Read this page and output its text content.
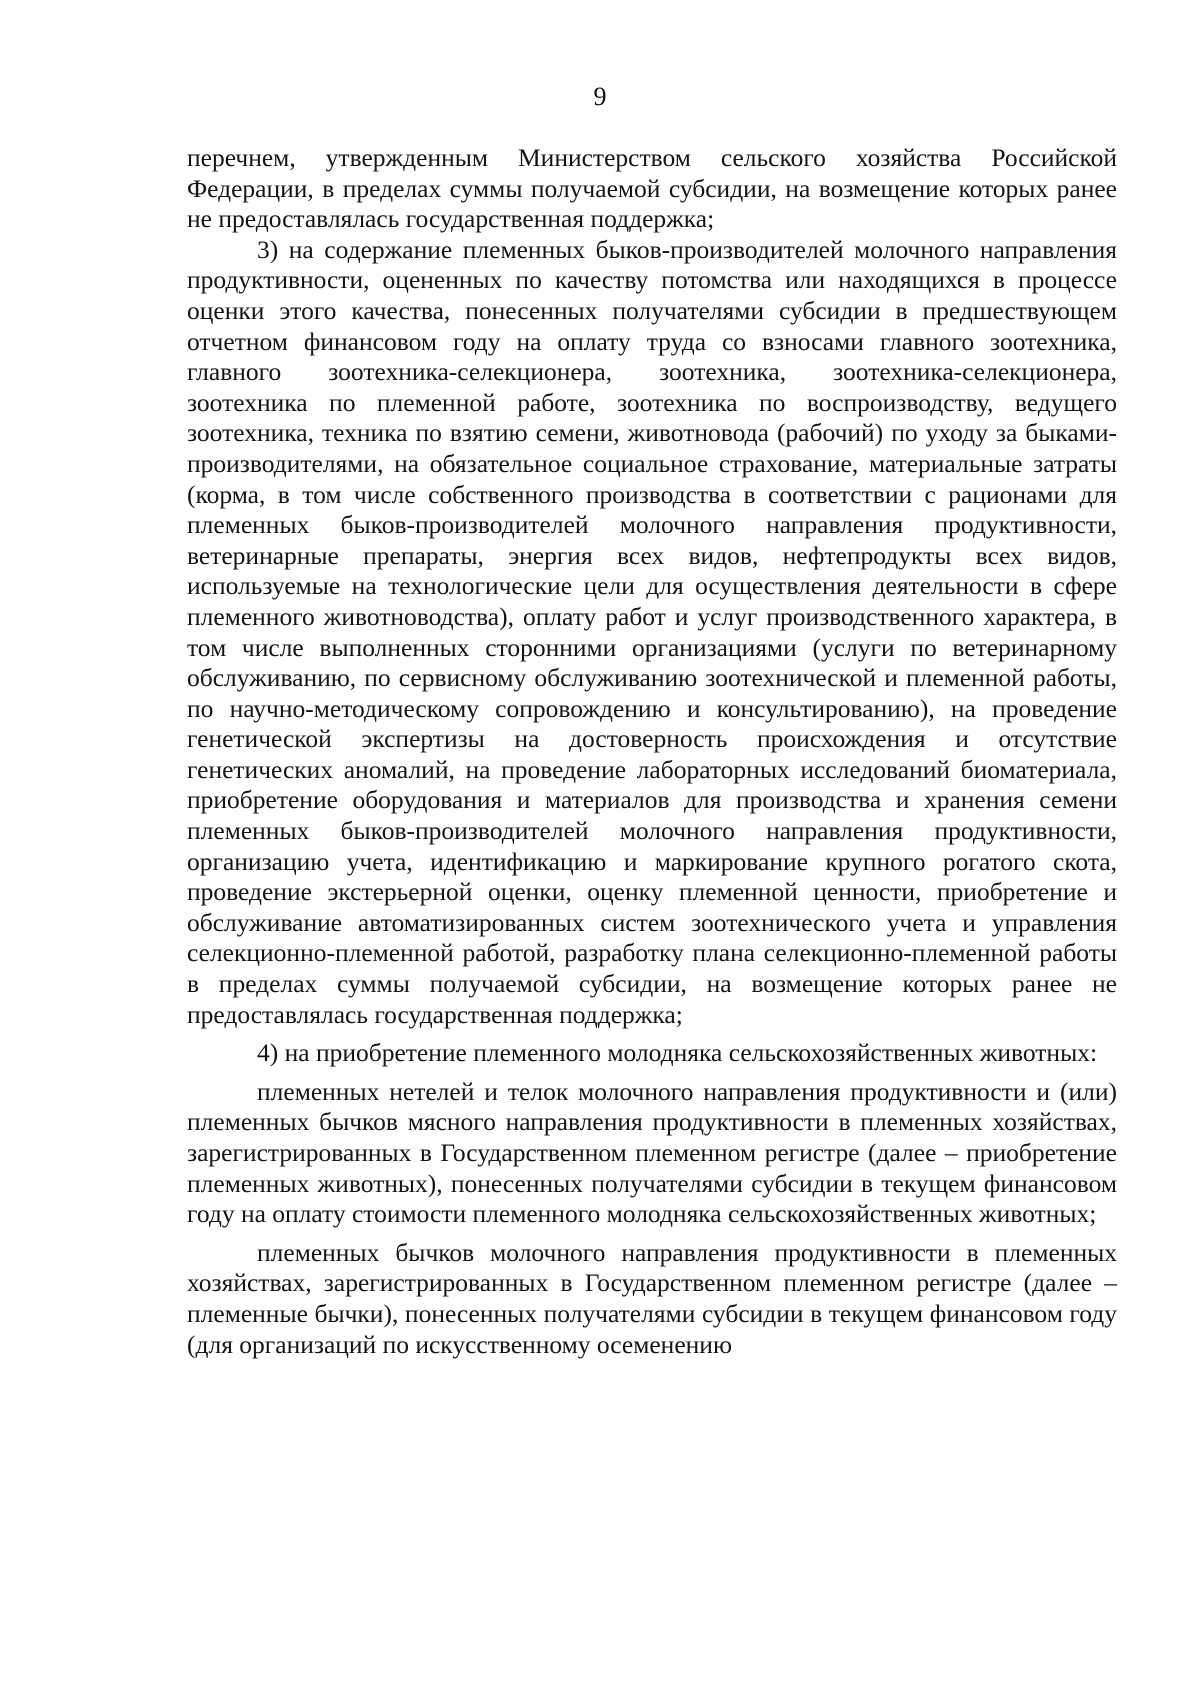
9

перечнем, утвержденным Министерством сельского хозяйства Российской Федерации, в пределах суммы получаемой субсидии, на возмещение которых ранее не предоставлялась государственная поддержка;

3) на содержание племенных быков-производителей молочного направления продуктивности, оцененных по качеству потомства или находящихся в процессе оценки этого качества, понесенных получателями субсидии в предшествующем отчетном финансовом году на оплату труда со взносами главного зоотехника, главного зоотехника-селекционера, зоотехника, зоотехника-селекционера, зоотехника по племенной работе, зоотехника по воспроизводству, ведущего зоотехника, техника по взятию семени, животновода (рабочий) по уходу за быками-производителями, на обязательное социальное страхование, материальные затраты (корма, в том числе собственного производства в соответствии с рационами для племенных быков-производителей молочного направления продуктивности, ветеринарные препараты, энергия всех видов, нефтепродукты всех видов, используемые на технологические цели для осуществления деятельности в сфере племенного животноводства), оплату работ и услуг производственного характера, в том числе выполненных сторонними организациями (услуги по ветеринарному обслуживанию, по сервисному обслуживанию зоотехнической и племенной работы, по научно-методическому сопровождению и консультированию), на проведение генетической экспертизы на достоверность происхождения и отсутствие генетических аномалий, на проведение лабораторных исследований биоматериала, приобретение оборудования и материалов для производства и хранения семени племенных быков-производителей молочного направления продуктивности, организацию учета, идентификацию и маркирование крупного рогатого скота, проведение экстерьерной оценки, оценку племенной ценности, приобретение и обслуживание автоматизированных систем зоотехнического учета и управления селекционно-племенной работой, разработку плана селекционно-племенной работы в пределах суммы получаемой субсидии, на возмещение которых ранее не предоставлялась государственная поддержка;

4) на приобретение племенного молодняка сельскохозяйственных животных:

племенных нетелей и телок молочного направления продуктивности и (или) племенных бычков мясного направления продуктивности в племенных хозяйствах, зарегистрированных в Государственном племенном регистре (далее – приобретение племенных животных), понесенных получателями субсидии в текущем финансовом году на оплату стоимости племенного молодняка сельскохозяйственных животных;

племенных бычков молочного направления продуктивности в племенных хозяйствах, зарегистрированных в Государственном племенном регистре (далее – племенные бычки), понесенных получателями субсидии в текущем финансовом году (для организаций по искусственному осеменению
